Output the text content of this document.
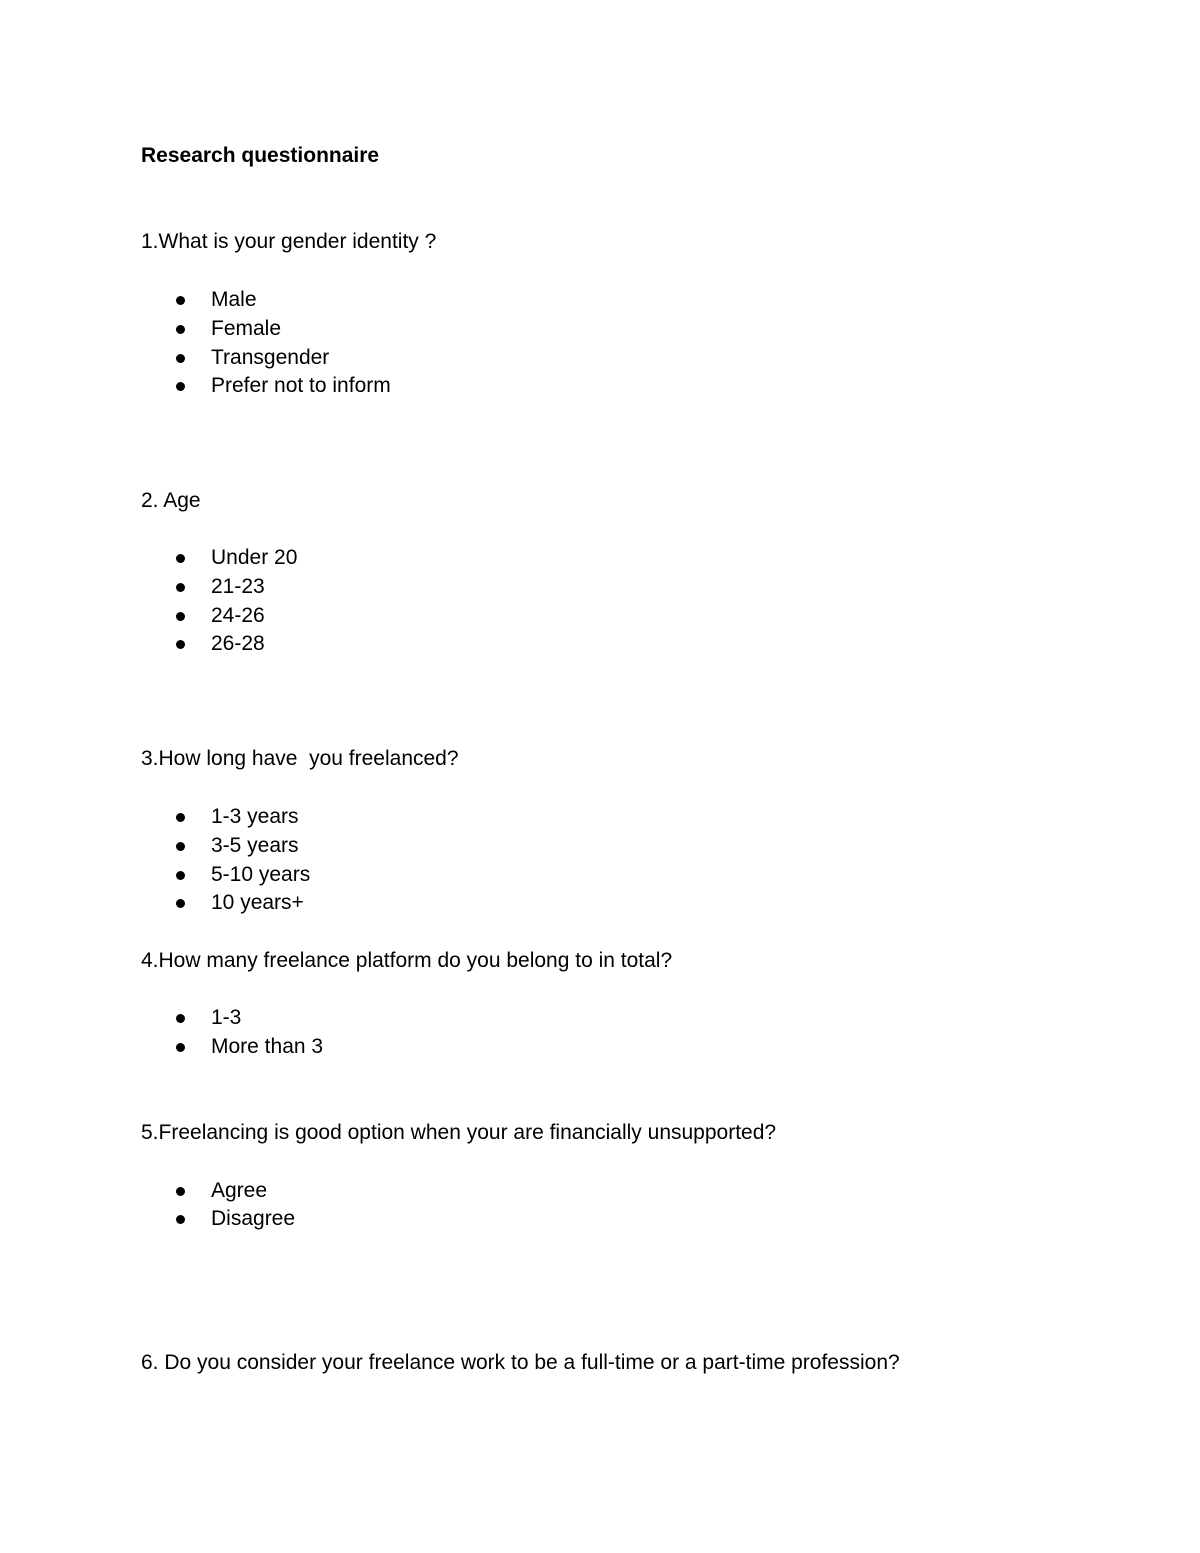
Research questionnaire

1.What is your gender identity ?

Male
Female
Transgender
Prefer not to inform

2. Age

Under 20
21-23
24-26
26-28

3.How long have  you freelanced?

1-3 years
3-5 years
5-10 years
10 years+

4.How many freelance platform do you belong to in total?

1-3
More than 3

5.Freelancing is good option when your are financially unsupported?

Agree
Disagree

6. Do you consider your freelance work to be a full-time or a part-time profession?
